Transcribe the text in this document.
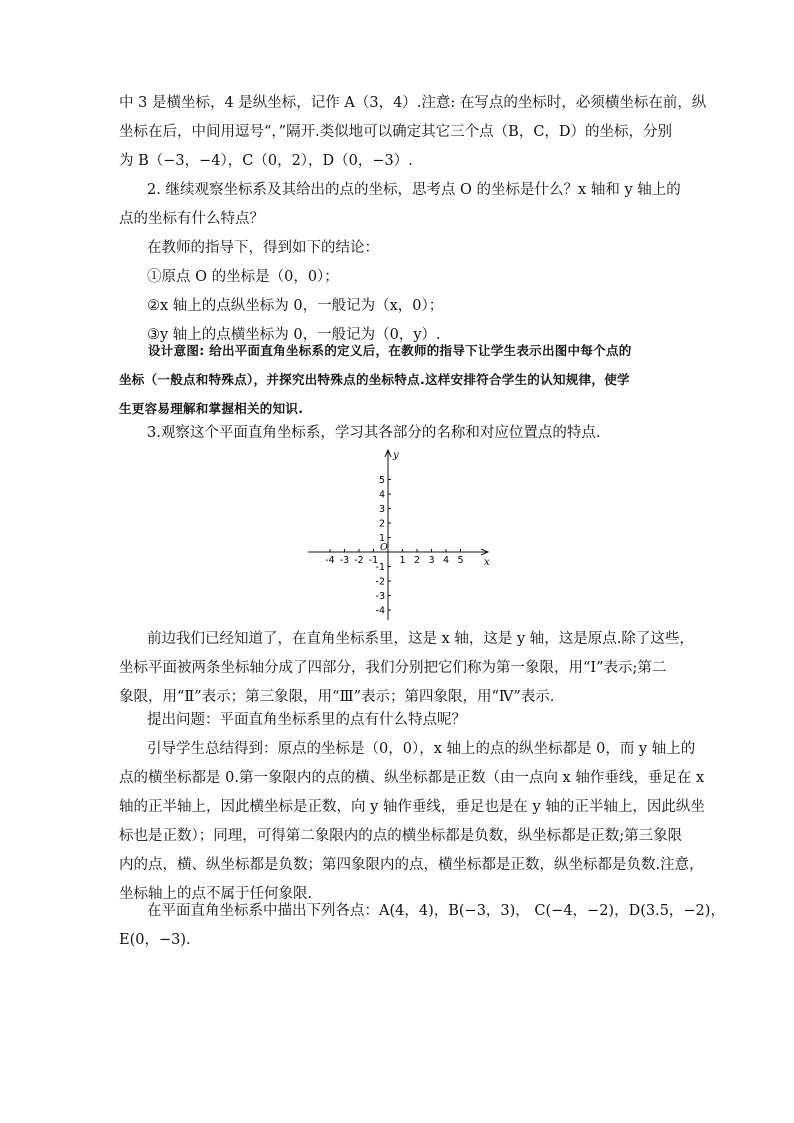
中 3 是横坐标，4 是纵坐标，记作 A（3，4）.注意: 在写点的坐标时，必须横坐标在前，纵
坐标在后，中间用逗号“，”隔开.类似地可以确定其它三个点（B，C，D）的坐标，分别
为 B（−3，−4），C（0，2），D（0，−3）.

2. 继续观察坐标系及其给出的点的坐标，思考点 O 的坐标是什么？x 轴和 y 轴上的
点的坐标有什么特点？

在教师的指导下，得到如下的结论：

①原点 O 的坐标是（0，0）；
②x 轴上的点纵坐标为 0，一般记为（x，0）；
③y 轴上的点横坐标为 0，一般记为（0，y）.

设计意图: 给出平面直角坐标系的定义后，在教师的指导下让学生表示出图中每个点的
坐标（一般点和特殊点），并探究出特殊点的坐标特点.这样安排符合学生的认知规律，使学
生更容易理解和掌握相关的知识.

3.观察这个平面直角坐标系，学习其各部分的名称和对应位置点的特点.

x
y
O
-4 -3 -2 -1 1 2 3 4 5
5
4
3
2
1
-1
-2
-3
-4

前边我们已经知道了，在直角坐标系里，这是 x 轴，这是 y 轴，这是原点.除了这些，
坐标平面被两条坐标轴分成了四部分，我们分别把它们称为第一象限，用“Ⅰ”表示;第二
象限，用“Ⅱ”表示；第三象限，用“Ⅲ”表示；第四象限，用“Ⅳ”表示.

提出问题：平面直角坐标系里的点有什么特点呢？

引导学生总结得到：原点的坐标是（0，0），x 轴上的点的纵坐标都是 0，而 y 轴上的
点的横坐标都是 0.第一象限内的点的横、纵坐标都是正数（由一点向 x 轴作垂线，垂足在 x
轴的正半轴上，因此横坐标是正数，向 y 轴作垂线，垂足也是在 y 轴的正半轴上，因此纵坐
标也是正数）；同理，可得第二象限内的点的横坐标都是负数，纵坐标都是正数;第三象限
内的点，横、纵坐标都是负数；第四象限内的点，横坐标都是正数，纵坐标都是负数.注意，
坐标轴上的点不属于任何象限.

在平面直角坐标系中描出下列各点：A(4，4)，B(−3，3)， C(−4，−2)，D(3.5，−2)，
E(0，−3).
